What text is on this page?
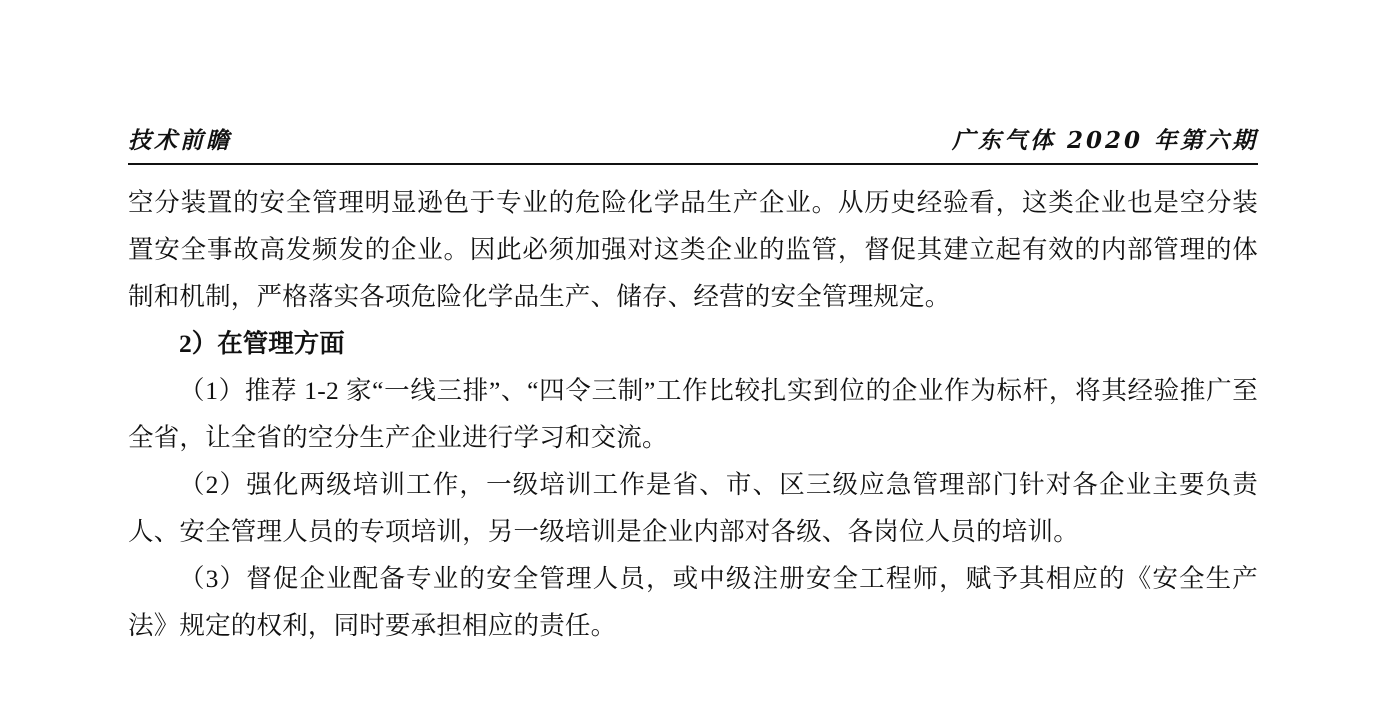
技术前瞻	广东气体 2020 年第六期

空分装置的安全管理明显逊色于专业的危险化学品生产企业。从历史经验看，这类企业也是空分装置安全事故高发频发的企业。因此必须加强对这类企业的监管，督促其建立起有效的内部管理的体制和机制，严格落实各项危险化学品生产、储存、经营的安全管理规定。

2）在管理方面

（1）推荐 1-2 家“一线三排”、“四令三制”工作比较扎实到位的企业作为标杆，将其经验推广至全省，让全省的空分生产企业进行学习和交流。

（2）强化两级培训工作，一级培训工作是省、市、区三级应急管理部门针对各企业主要负责人、安全管理人员的专项培训，另一级培训是企业内部对各级、各岗位人员的培训。

（3）督促企业配备专业的安全管理人员，或中级注册安全工程师，赋予其相应的《安全生产法》规定的权利，同时要承担相应的责任。
